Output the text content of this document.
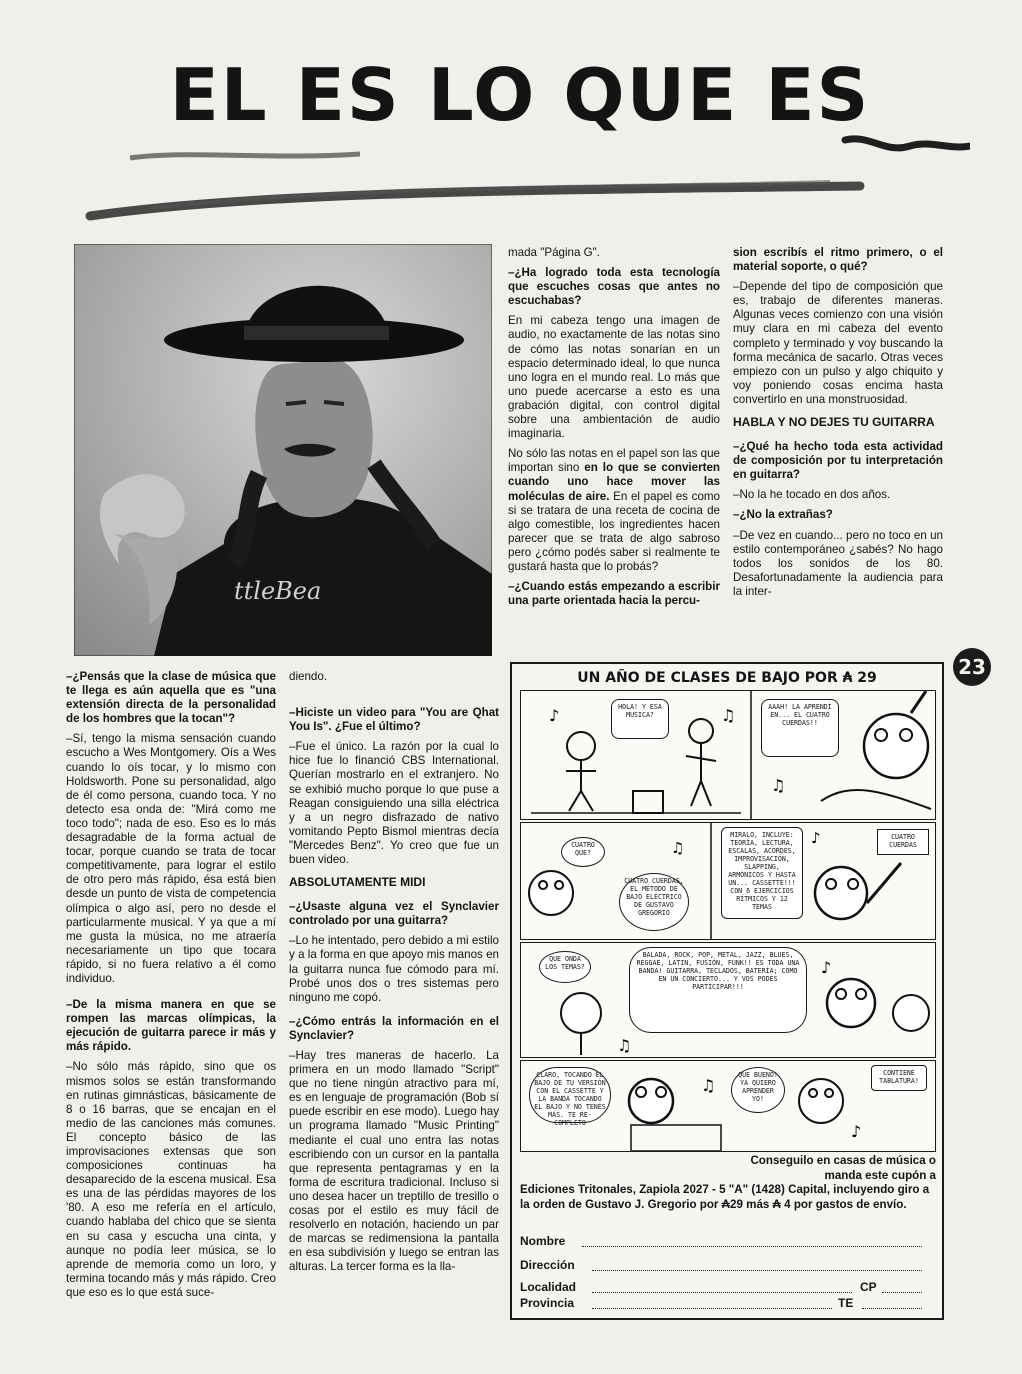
EL ES LO QUE ES
ttleBea

mada "Página G".

–¿Ha logrado toda esta tecnología que escuches cosas que antes no escuchabas?

En mi cabeza tengo una imagen de audio, no exactamente de las notas sino de cómo las notas sonarían en un espacio determinado ideal, lo que nunca uno logra en el mundo real. Lo más que uno puede acercarse a esto es una grabación digital, con control digital sobre una ambientación de audio imaginaria.

No sólo las notas en el papel son las que importan sino en lo que se convierten cuando uno hace mover las moléculas de aire. En el papel es como si se tratara de una receta de cocina de algo comestible, los ingredientes hacen parecer que se trata de algo sabroso pero ¿cómo podés saber si realmente te gustará hasta que lo probás?

–¿Cuando estás empezando a escribir una parte orientada hacia la percu-

sion escribís el ritmo primero, o el material soporte, o qué?

–Depende del tipo de composición que es, trabajo de diferentes maneras. Algunas veces comienzo con una visión muy clara en mi cabeza del evento completo y terminado y voy buscando la forma mecánica de sacarlo. Otras veces empiezo con un pulso y algo chiquito y voy poniendo cosas encima hasta convertirlo en una monstruosidad.

HABLA Y NO DEJES TU GUITARRA

–¿Qué ha hecho toda esta actividad de composición por tu interpretación en guitarra?

–No la he tocado en dos años.

–¿No la extrañas?

–De vez en cuando... pero no toco en un estilo contemporáneo ¿sabés? No hago todos los sonidos de los 80. Desafortunadamente la audiencia para la inter-

23

–¿Pensás que la clase de música que te llega es aún aquella que es "una extensión directa de la personalidad de los hombres que la tocan"?

–Sí, tengo la misma sensación cuando escucho a Wes Montgomery. Oís a Wes cuando lo oís tocar, y lo mismo con Holdsworth. Pone su personalidad, algo de él como persona, cuando toca. Y no detecto esa onda de: "Mirá como me toco todo"; nada de eso. Eso es lo más desagradable de la forma actual de tocar, porque cuando se trata de tocar competitivamente, para lograr el estilo de otro pero más rápido, ésa está bien desde un punto de vista de competencia olímpica o algo así, pero no desde el particularmente musical. Y ya que a mí me gusta la música, no me atraería necesariamente un tipo que tocara rápido, si no fuera relativo a él como individuo.

–De la misma manera en que se rompen las marcas olímpicas, la ejecución de guitarra parece ir más y más rápido.

–No sólo más rápido, sino que os mismos solos se están transformando en rutinas gimnásticas, básicamente de 8 o 16 barras, que se encajan en el medio de las canciones más comunes. El concepto básico de las improvisaciones extensas que son composiciones continuas ha desaparecido de la escena musical. Esa es una de las pérdidas mayores de los '80. A eso me refería en el artículo, cuando hablaba del chico que se sienta en su casa y escucha una cinta, y aunque no podía leer música, se lo aprende de memoria como un loro, y termina tocando más y más rápido. Creo que eso es lo que está suce-

diendo.

–Hiciste un video para "You are Qhat You Is". ¿Fue el último?

–Fue el único. La razón por la cual lo hice fue lo financió CBS International. Querían mostrarlo en el extranjero. No se exhibió mucho porque lo que puse a Reagan consiguiendo una silla eléctrica y a un negro disfrazado de nativo vomitando Pepto Bismol mientras decía "Mercedes Benz". Yo creo que fue un buen video.

ABSOLUTAMENTE MIDI

–¿Usaste alguna vez el Synclavier controlado por una guitarra?

–Lo he intentado, pero debido a mi estilo y a la forma en que apoyo mis manos en la guitarra nunca fue cómodo para mí. Probé unos dos o tres sistemas pero ninguno me copó.

–¿Cómo entrás la información en el Synclavier?

–Hay tres maneras de hacerlo. La primera en un modo llamado "Script" que no tiene ningún atractivo para mí, es en lenguaje de programación (Bob sí puede escribir en ese modo). Luego hay un programa llamado "Music Printing" mediante el cual uno entra las notas escribiendo con un cursor en la pantalla que representa pentagramas y en la forma de escritura tradicional. Incluso si uno desea hacer un treptillo de tresillo o cosas por el estilo es muy fácil de resolverlo en notación, haciendo un par de marcas se redimensiona la pantalla en esa subdivisión y luego se entran las alturas. La tercer forma es la lla-

UN AÑO DE CLASES DE BAJO POR ₳ 29
HOLA! Y ESA MUSICA?
AAAH! LA APRENDÍ EN... EL CUATRO CUERDAS!!
♪	♫
♫
CUATRO QUE?
CUATRO CUERDAS, EL MÉTODO DE BAJO ELÉCTRICO DE GUSTAVO GREGORIO
MIRALO, INCLUYE: TEORÍA, LECTURA, ESCALAS, ACORDES, IMPROVISACIÓN, SLAPPING, ARMÓNICOS Y HASTA UN... CASSETTE!!! CON 6 EJERCICIOS RÍTMICOS Y 12 TEMAS
CUATRO CUERDAS
♫
♪
QUE ONDA LOS TEMAS?
BALADA, ROCK, POP, METAL, JAZZ, BLUES, REGGAE, LATIN, FUSIÓN, FUNK!! ES TODA UNA BANDA! GUITARRA, TECLADOS, BATERÍA; COMO EN UN CONCIERTO... Y VOS PODÉS PARTICIPAR!!!
♪
♫
CLARO, TOCANDO EL BAJO DE TU VERSIÓN CON EL CASSETTE Y LA BANDA TOCANDO EL BAJO Y NO TENÉS MÁS. TE RE-COMPLETO
QUE BUENO! YA QUIERO APRENDER YO!
CONTIENE TABLATURA!
♫
♪
Conseguilo en casas de música o manda este cupón a
Ediciones Tritonales, Zapiola 2027 - 5 "A" (1428) Capital, incluyendo giro a la orden de Gustavo J. Gregorio por ₳29 más ₳ 4 por gastos de envío.
Nombre
Dirección
Localidad	CP
Provincia	TE
